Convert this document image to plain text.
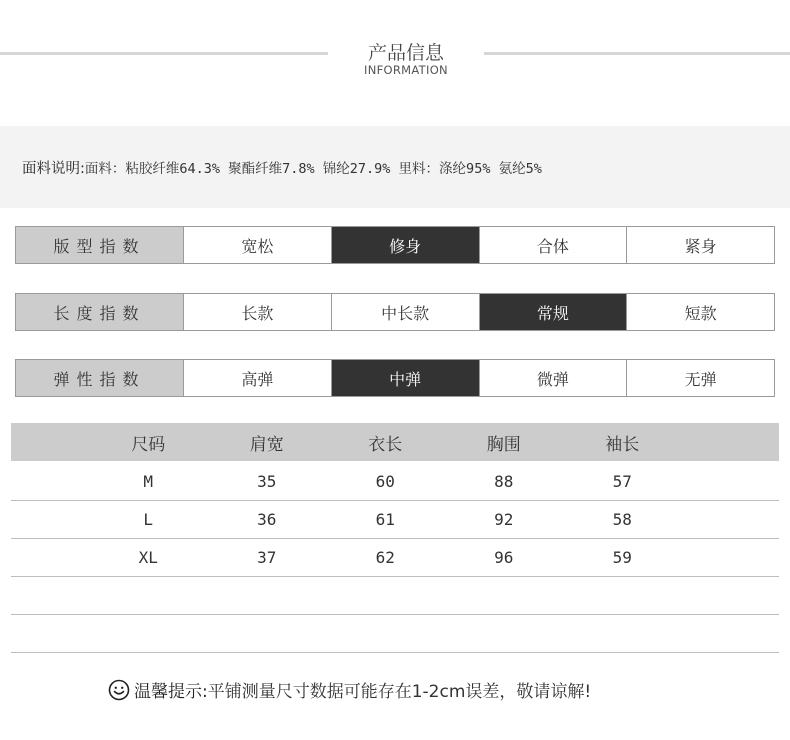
产品信息
INFORMATION
面料说明:面料：粘胶纤维64.3% 聚酯纤维7.8% 锦纶27.9% 里料：涤纶95% 氨纶5%
版型指数	宽松	修身	合体	紧身
长度指数	长款	中长款	常规	短款
弹性指数	高弹	中弹	微弹	无弹
尺码	肩宽	衣长	胸围	袖长
M	35	60	88	57
L	36	61	92	58
XL	37	62	96	59
温馨提示: 平铺测量尺寸数据可能存在1-2cm误差，敬请谅解!
